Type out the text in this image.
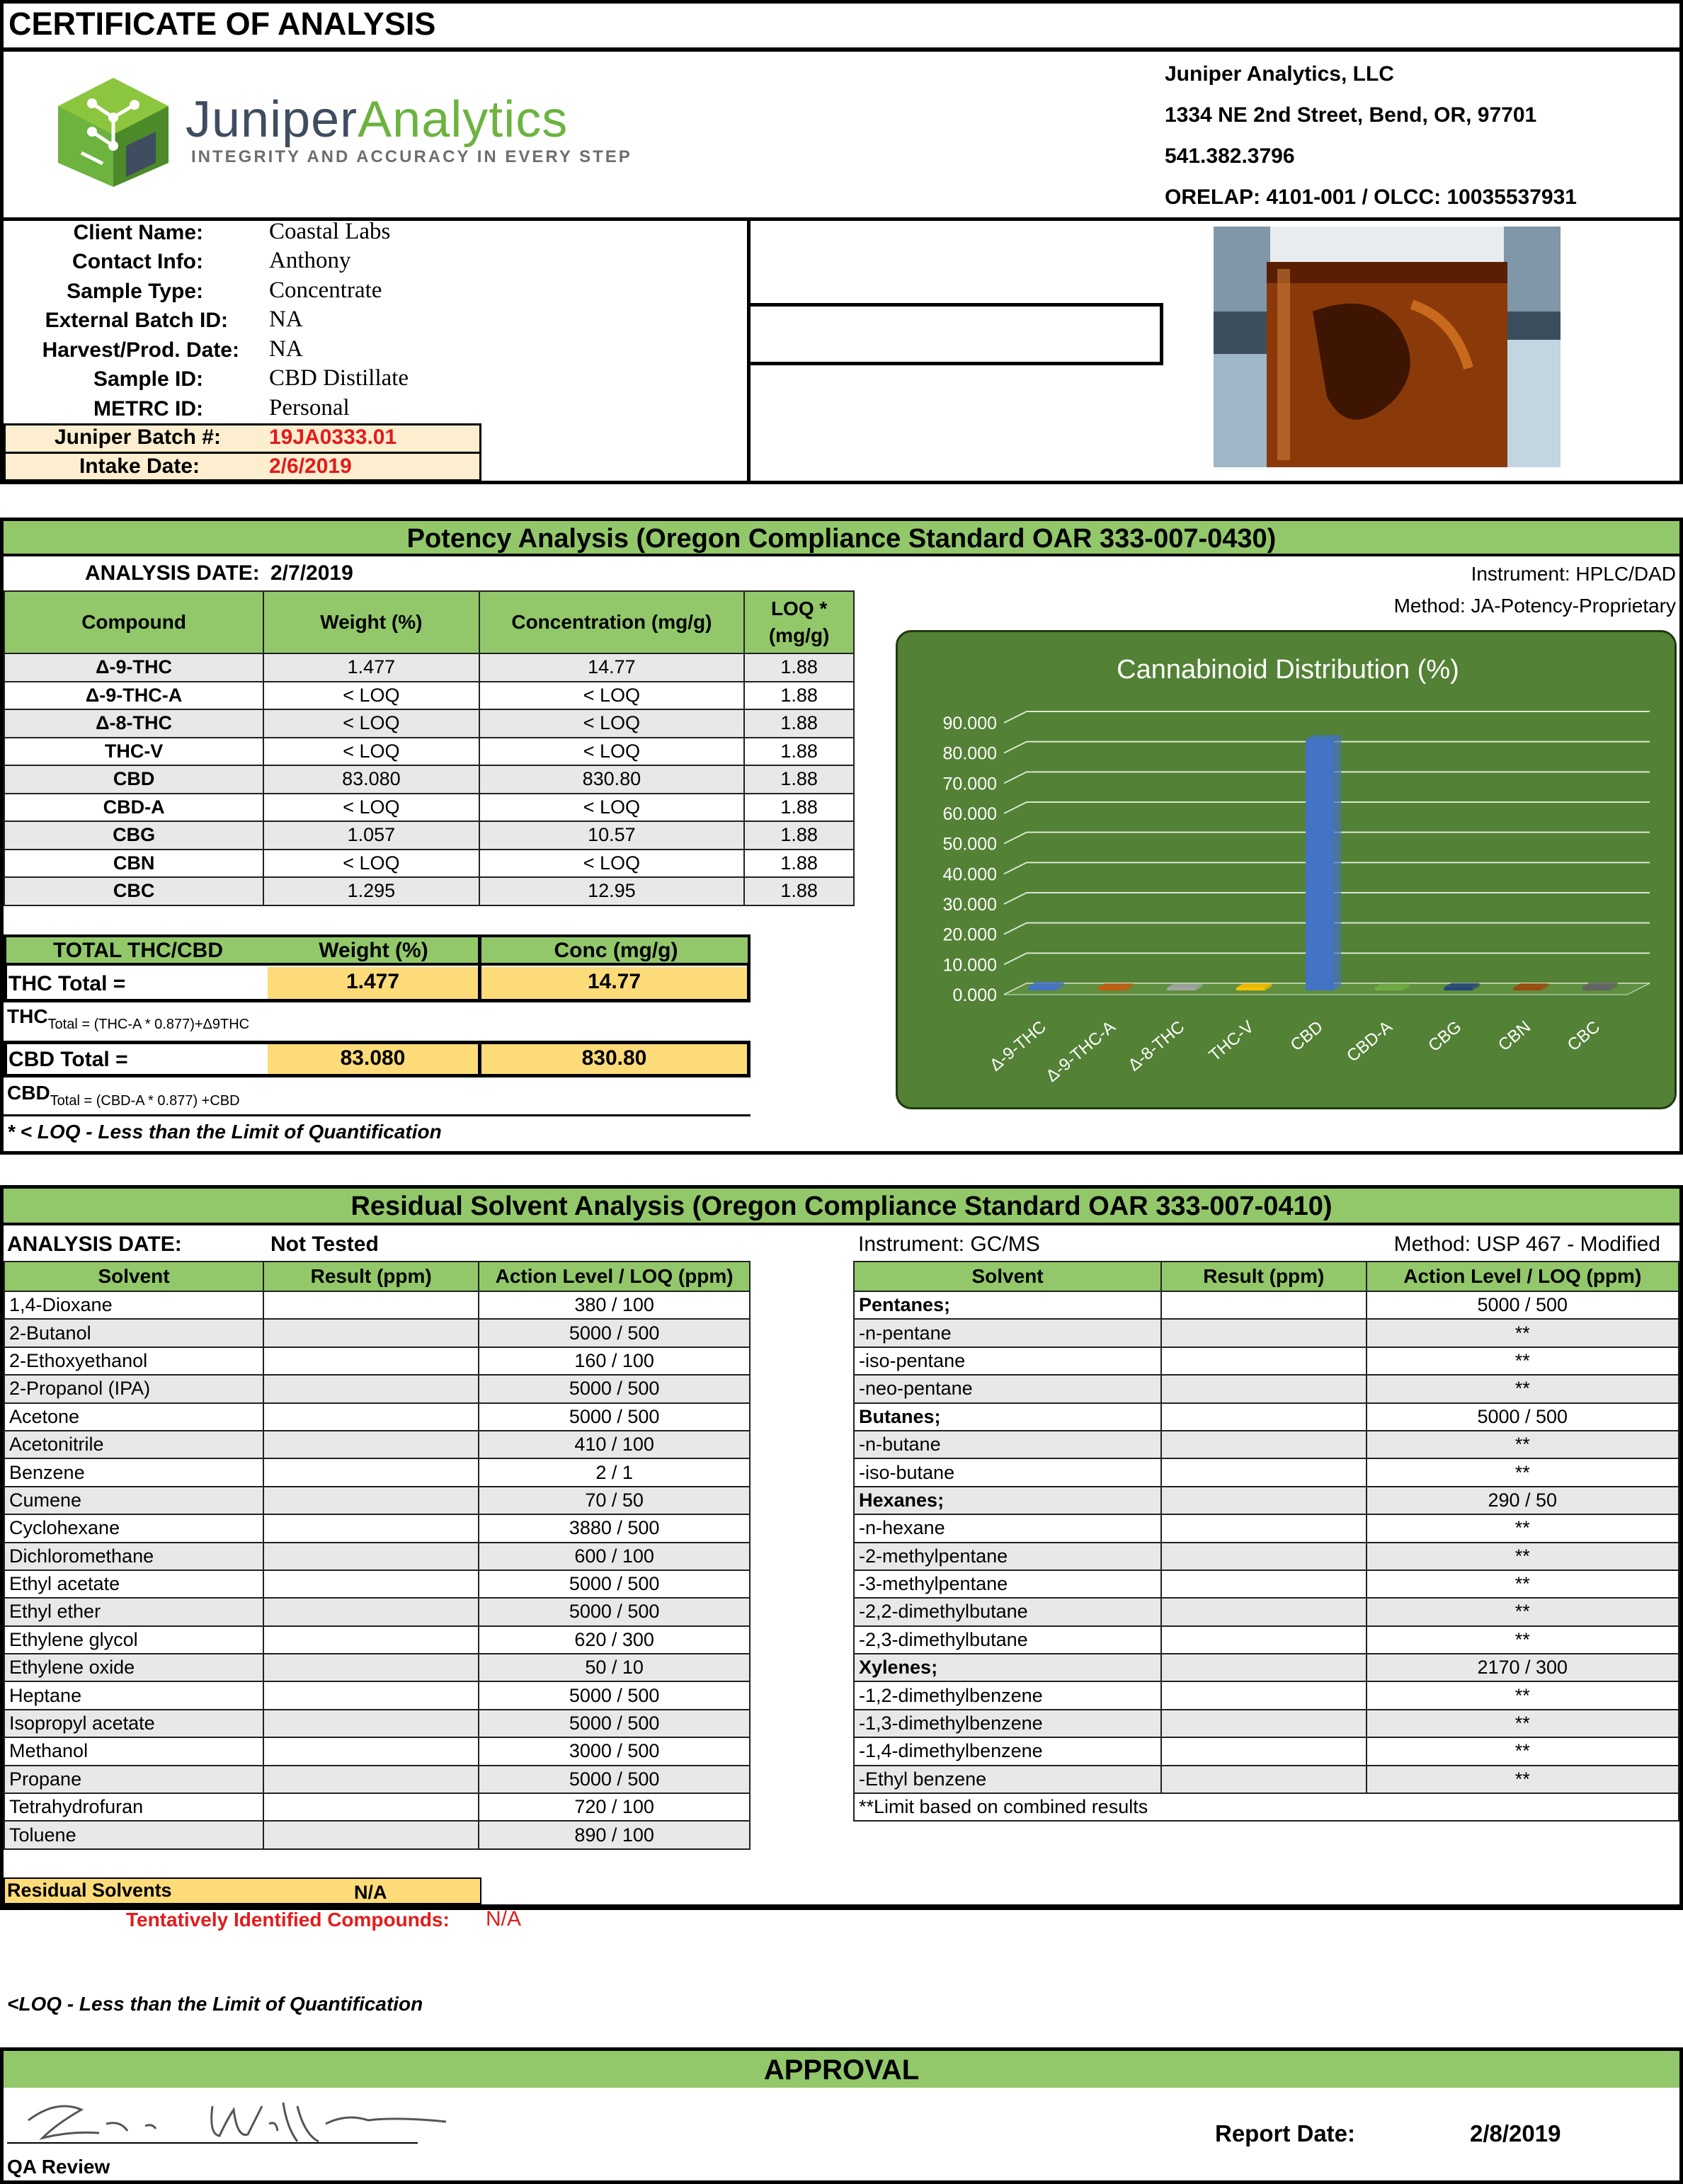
CERTIFICATE OF ANALYSIS
JuniperAnalytics
INTEGRITY AND ACCURACY IN EVERY STEP
Juniper Analytics, LLC
1334 NE 2nd Street, Bend, OR, 97701
541.382.3796
ORELAP: 4101-001 / OLCC: 10035537931
Client Name:	Coastal Labs
Contact Info:	Anthony
Sample Type:	Concentrate
External Batch ID: NA
Harvest/Prod. Date: NA
Sample ID:	CBD Distillate
METRC ID:	Personal
Juniper Batch #: 19JA0333.01
Intake Date:	2/6/2019
Potency Analysis (Oregon Compliance Standard OAR 333-007-0430)
ANALYSIS DATE: 2/7/2019	Instrument: HPLC/DAD
Method: JA-Potency-Proprietary
Compound	Weight (%)	Concentration (mg/g)	LOQ *
(mg/g)
Δ-9-THC	1.477	14.77	1.88
Δ-9-THC-A	< LOQ	< LOQ	1.88
Δ-8-THC	< LOQ	< LOQ	1.88
THC-V	< LOQ	< LOQ	1.88
CBD	83.080	830.80	1.88
CBD-A	< LOQ	< LOQ	1.88
CBG	1.057	10.57	1.88
CBN	< LOQ	< LOQ	1.88
CBC	1.295	12.95	1.88
TOTAL THC/CBD	Weight (%)	Conc (mg/g)
THC Total =	1.477	14.77
$THC_{Total = (THC-A * 0.877)+\Delta 9THC}$
CBD Total =	83.080	830.80
$CBD_{Total = (CBD-A * 0.877) +CBD}$
* < LOQ - Less than the Limit of Quantification
Cannabinoid Distribution (%)
0.000
10.000
20.000
30.000
40.000
50.000
60.000
70.000
80.000
90.000
Δ-9-THC
Δ-9-THC-A Δ-8-THC THC-V CBD CBD-A CBG CBN CBC
Residual Solvent Analysis (Oregon Compliance Standard OAR 333-007-0410)
ANALYSIS DATE:	Not Tested	Instrument: GC/MS	Method: USP 467 - Modified
Solvent	Result (ppm)	Action Level / LOQ (ppm)
1,4-Dioxane		380 / 100
2-Butanol		5000 / 500
2-Ethoxyethanol		160 / 100
2-Propanol (IPA)		5000 / 500
Acetone		5000 / 500
Acetonitrile		410 / 100
Benzene		2 / 1
Cumene		70 / 50
Cyclohexane		3880 / 500
Dichloromethane		600 / 100
Ethyl acetate		5000 / 500
Ethyl ether		5000 / 500
Ethylene glycol		620 / 300
Ethylene oxide		50 / 10
Heptane		5000 / 500
Isopropyl acetate		5000 / 500
Methanol		3000 / 500
Propane		5000 / 500
Tetrahydrofuran		720 / 100
Toluene		890 / 100
Solvent	Result (ppm)	Action Level / LOQ (ppm)
Pentanes;		5000 / 500
-n-pentane		**
-iso-pentane		**
-neo-pentane		**
Butanes;		5000 / 500
-n-butane		**
-iso-butane		**
Hexanes;		290 / 50
-n-hexane		**
-2-methylpentane		**
-3-methylpentane		**
-2,2-dimethylbutane		**
-2,3-dimethylbutane		**
Xylenes;		2170 / 300
-1,2-dimethylbenzene		**
-1,3-dimethylbenzene		**
-1,4-dimethylbenzene		**
-Ethyl benzene		**
**Limit based on combined results		
Residual Solvents	N/A
Tentatively Identified Compounds: N/A
<LOQ - Less than the Limit of Quantification
APPROVAL
QA Review
Report Date:	2/8/2019
